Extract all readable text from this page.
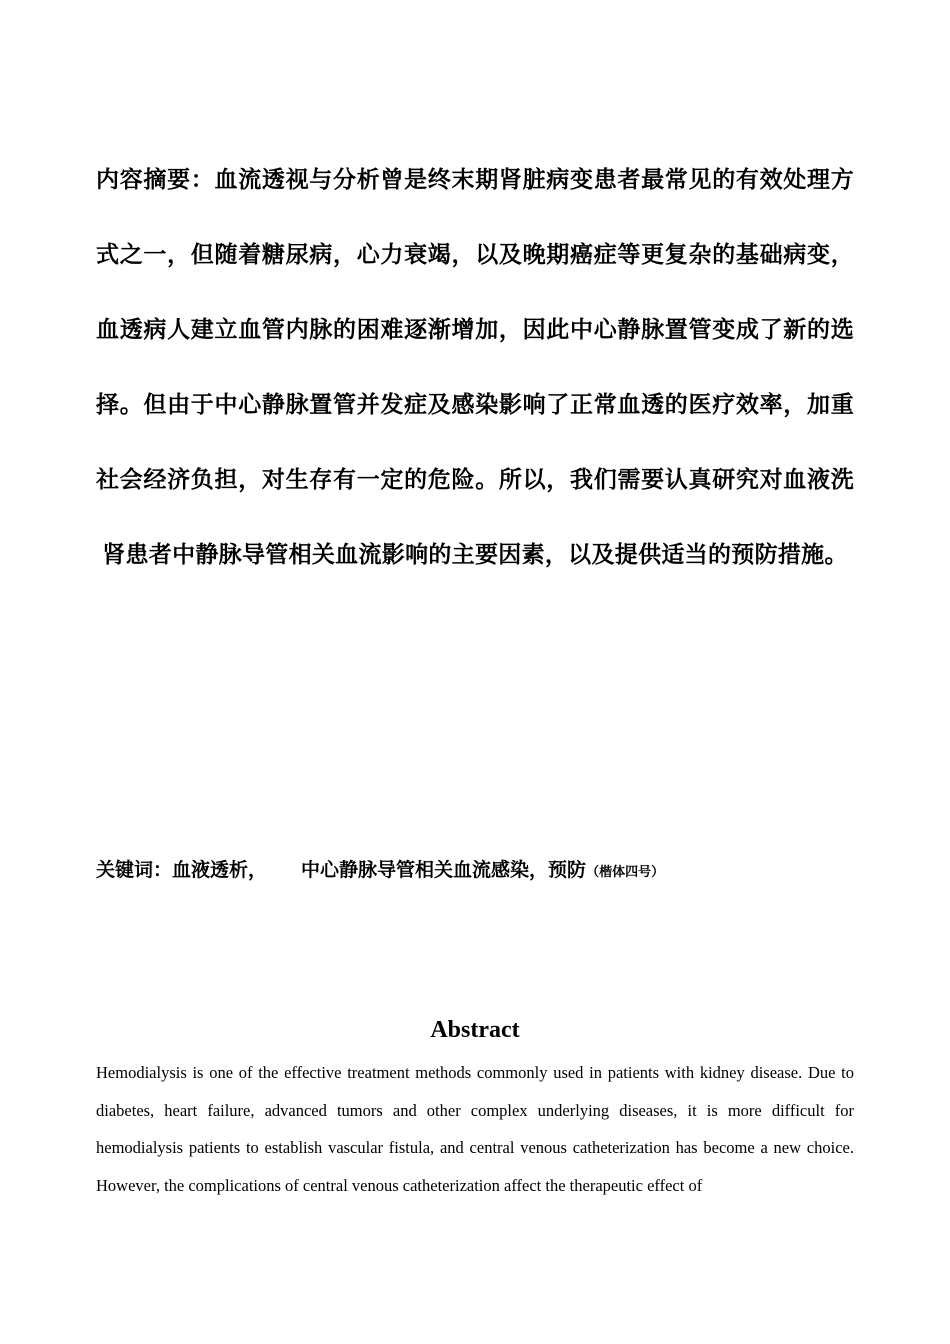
内容摘要：血流透视与分析曾是终末期肾脏病变患者最常见的有效处理方式之一，但随着糖尿病，心力衰竭，以及晚期癌症等更复杂的基础病变，血透病人建立血管内脉的困难逐渐增加，因此中心静脉置管变成了新的选择。但由于中心静脉置管并发症及感染影响了正常血透的医疗效率，加重社会经济负担，对生存有一定的危险。所以，我们需要认真研究对血液洗肾患者中静脉导管相关血流影响的主要因素，以及提供适当的预防措施。
关键词：血液透析， 中心静脉导管相关血流感染，预防（楷体四号）
Abstract
Hemodialysis is one of the effective treatment methods commonly used in patients with kidney disease. Due to diabetes, heart failure, advanced tumors and other complex underlying diseases, it is more difficult for hemodialysis patients to establish vascular fistula, and central venous catheterization has become a new choice. However, the complications of central venous catheterization affect the therapeutic effect of
